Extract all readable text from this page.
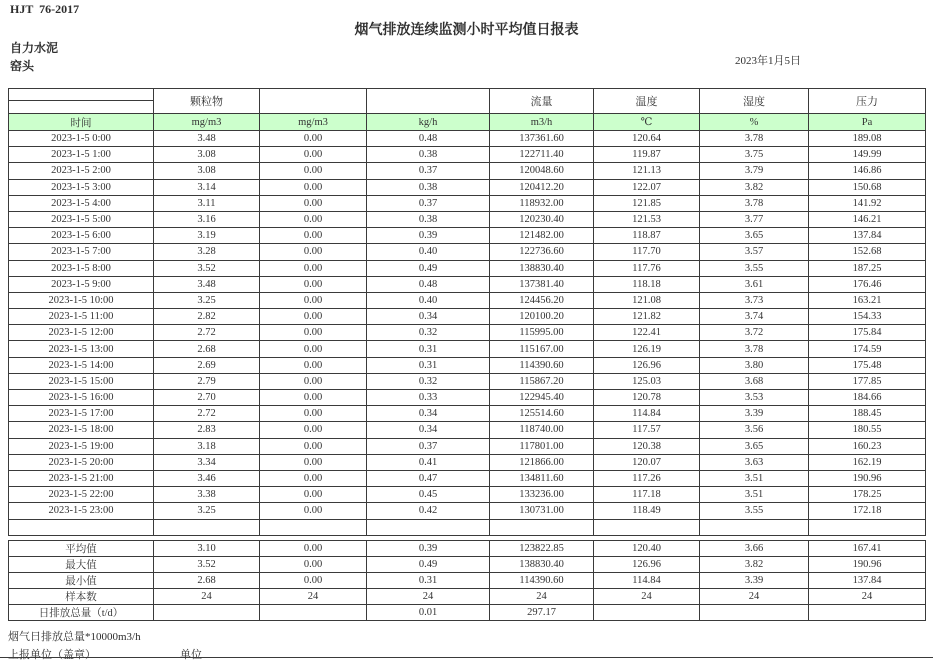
HJT  76-2017
烟气排放连续监测小时平均值日报表
自力水泥
窑头	2023年1月5日
	颗粒物			流量	温度	湿度	压力
时间	mg/m3	mg/m3	kg/h	m3/h	℃	%	Pa
2023-1-5 0:00	3.48	0.00	0.48	137361.60	120.64	3.78	189.08
2023-1-5 1:00	3.08	0.00	0.38	122711.40	119.87	3.75	149.99
2023-1-5 2:00	3.08	0.00	0.37	120048.60	121.13	3.79	146.86
2023-1-5 3:00	3.14	0.00	0.38	120412.20	122.07	3.82	150.68
2023-1-5 4:00	3.11	0.00	0.37	118932.00	121.85	3.78	141.92
2023-1-5 5:00	3.16	0.00	0.38	120230.40	121.53	3.77	146.21
2023-1-5 6:00	3.19	0.00	0.39	121482.00	118.87	3.65	137.84
2023-1-5 7:00	3.28	0.00	0.40	122736.60	117.70	3.57	152.68
2023-1-5 8:00	3.52	0.00	0.49	138830.40	117.76	3.55	187.25
2023-1-5 9:00	3.48	0.00	0.48	137381.40	118.18	3.61	176.46
2023-1-5 10:00	3.25	0.00	0.40	124456.20	121.08	3.73	163.21
2023-1-5 11:00	2.82	0.00	0.34	120100.20	121.82	3.74	154.33
2023-1-5 12:00	2.72	0.00	0.32	115995.00	122.41	3.72	175.84
2023-1-5 13:00	2.68	0.00	0.31	115167.00	126.19	3.78	174.59
2023-1-5 14:00	2.69	0.00	0.31	114390.60	126.96	3.80	175.48
2023-1-5 15:00	2.79	0.00	0.32	115867.20	125.03	3.68	177.85
2023-1-5 16:00	2.70	0.00	0.33	122945.40	120.78	3.53	184.66
2023-1-5 17:00	2.72	0.00	0.34	125514.60	114.84	3.39	188.45
2023-1-5 18:00	2.83	0.00	0.34	118740.00	117.57	3.56	180.55
2023-1-5 19:00	3.18	0.00	0.37	117801.00	120.38	3.65	160.23
2023-1-5 20:00	3.34	0.00	0.41	121866.00	120.07	3.63	162.19
2023-1-5 21:00	3.46	0.00	0.47	134811.60	117.26	3.51	190.96
2023-1-5 22:00	3.38	0.00	0.45	133236.00	117.18	3.51	178.25
2023-1-5 23:00	3.25	0.00	0.42	130731.00	118.49	3.55	172.18

平均值	3.10	0.00	0.39	123822.85	120.40	3.66	167.41
最大值	3.52	0.00	0.49	138830.40	126.96	3.82	190.96
最小值	2.68	0.00	0.31	114390.60	114.84	3.39	137.84
样本数	24	24	24	24	24	24	24
日排放总量（t/d）			0.01	297.17			
烟气日排放总量*10000m3/h
上报单位（盖章）	单位
